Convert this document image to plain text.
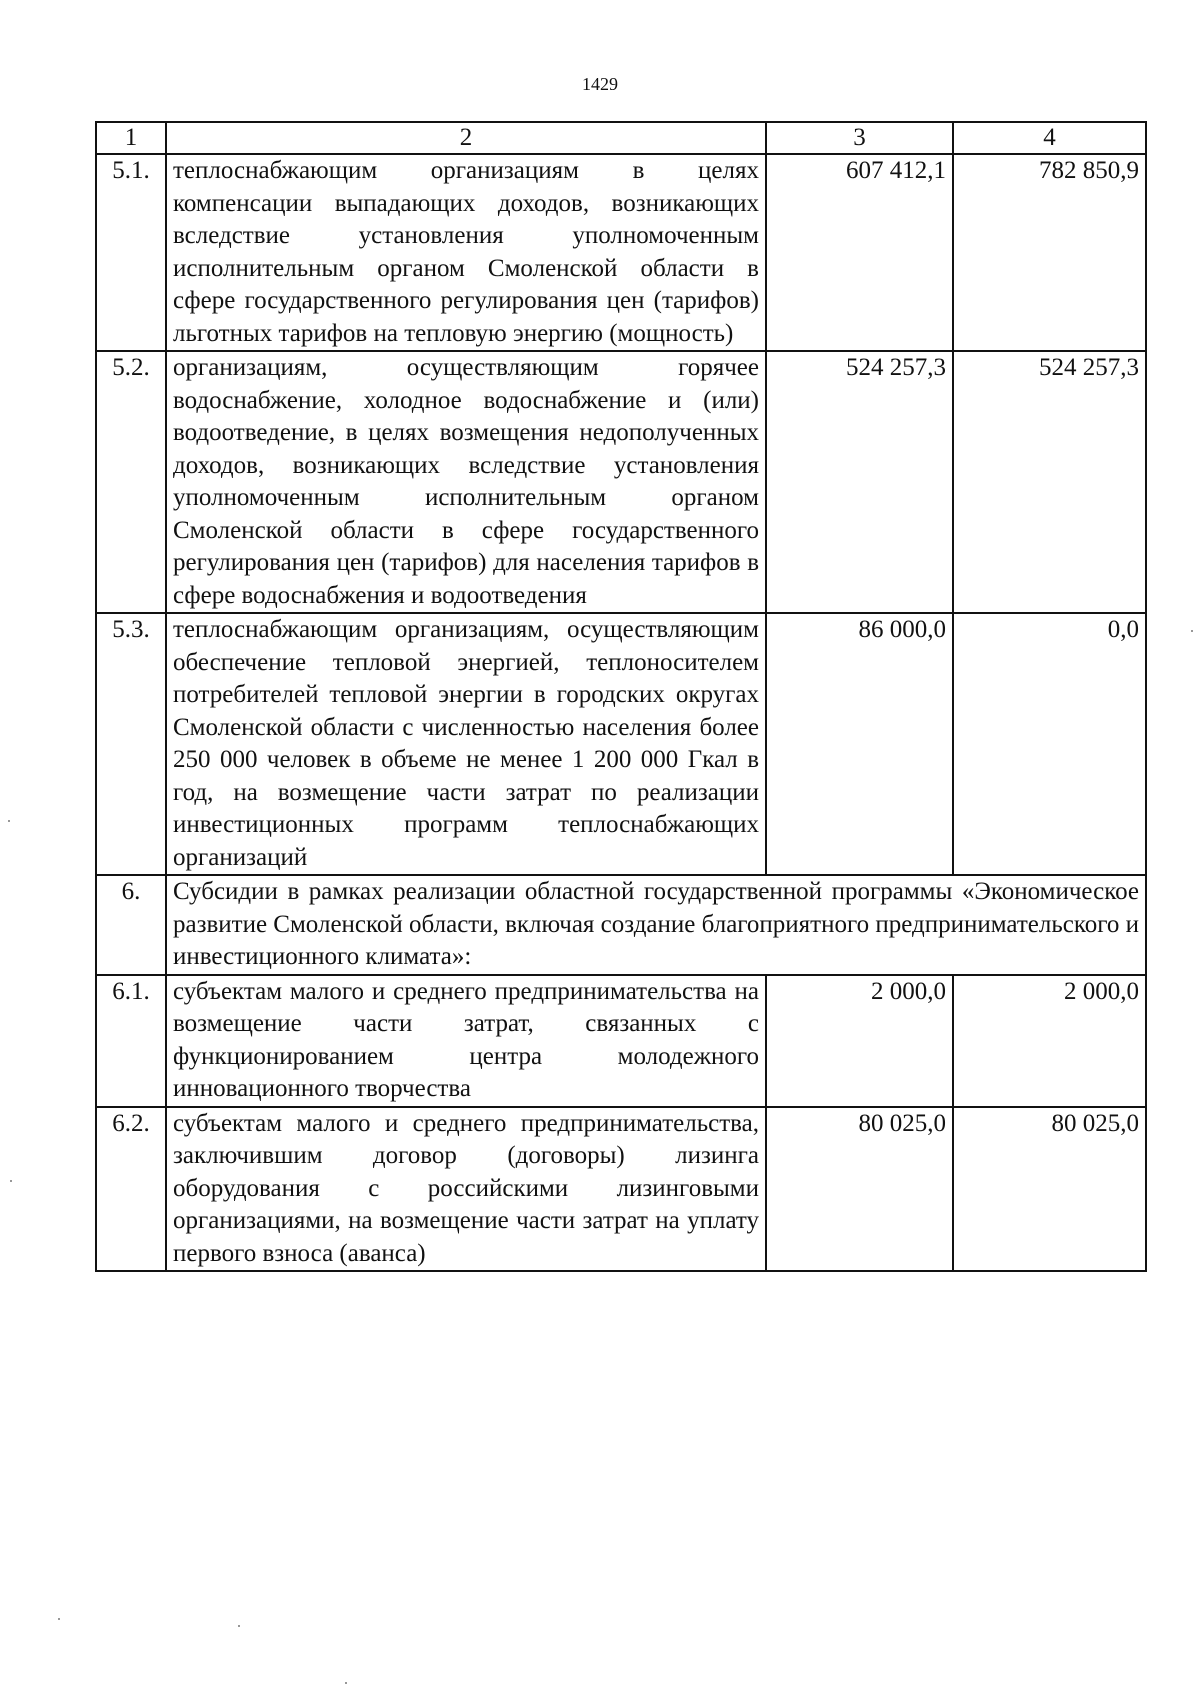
1429
1	2	3	4
5.1.	теплоснабжающим организациям в целях компенсации выпадающих доходов, возникающих вследствие установления уполномоченным исполнительным органом Смоленской области в сфере государственного регулирования цен (тарифов) льготных тарифов на тепловую энергию (мощность)	607 412,1	782 850,9
5.2.	организациям, осуществляющим горячее водоснабжение, холодное водоснабжение и (или) водоотведение, в целях возмещения недополученных доходов, возникающих вследствие установления уполномоченным исполнительным органом Смоленской области в сфере государственного регулирования цен (тарифов) для населения тарифов в сфере водоснабжения и водоотведения	524 257,3	524 257,3
5.3.	теплоснабжающим организациям, осуществляющим обеспечение тепловой энергией, теплоносителем потребителей тепловой энергии в городских округах Смоленской области с численностью населения более 250 000 человек в объеме не менее 1 200 000 Гкал в год, на возмещение части затрат по реализации инвестиционных программ теплоснабжающих организаций	86 000,0	0,0
6.	Субсидии в рамках реализации областной государственной программы «Экономическое развитие Смоленской области, включая создание благоприятного предпринимательского и инвестиционного климата»:		
6.1.	субъектам малого и среднего предпринимательства на возмещение части затрат, связанных с функционированием центра молодежного инновационного творчества	2 000,0	2 000,0
6.2.	субъектам малого и среднего предпринимательства, заключившим договор (договоры) лизинга оборудования с российскими лизинговыми организациями, на возмещение части затрат на уплату первого взноса (аванса)	80 025,0	80 025,0
